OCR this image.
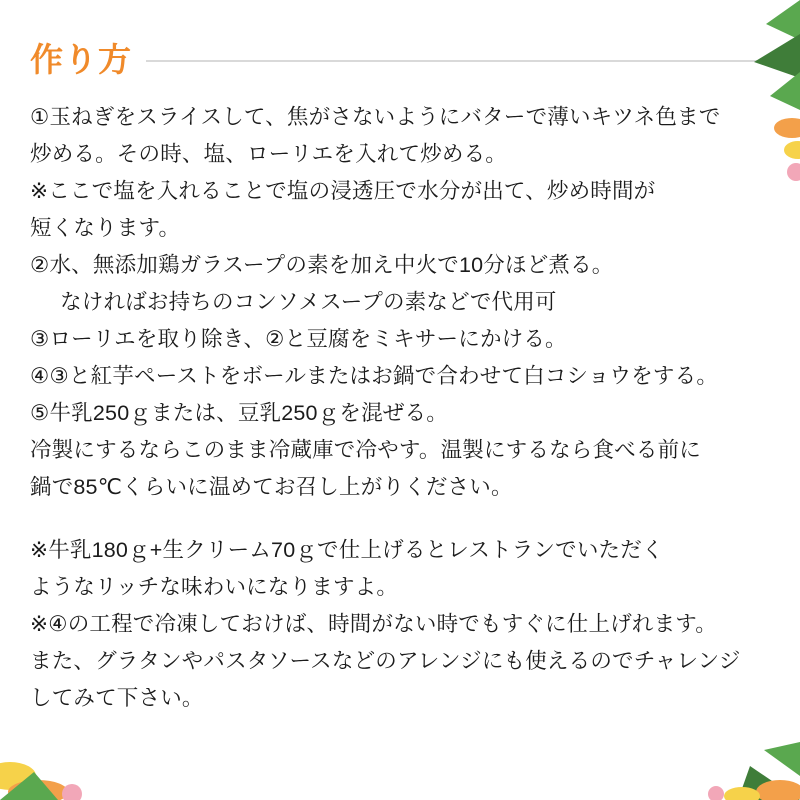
作り方

①玉ねぎをスライスして、焦がさないようにバターで薄いキツネ色まで

炒める。その時、塩、ローリエを入れて炒める。

※ここで塩を入れることで塩の浸透圧で水分が出て、炒め時間が

短くなります。

②水、無添加鶏ガラスープの素を加え中火で10分ほど煮る。

なければお持ちのコンソメスープの素などで代用可

③ローリエを取り除き、②と豆腐をミキサーにかける。

④③と紅芋ペーストをボールまたはお鍋で合わせて白コショウをする。

⑤牛乳250ｇまたは、豆乳250ｇを混ぜる。

冷製にするならこのまま冷蔵庫で冷やす。温製にするなら食べる前に

鍋で85℃くらいに温めてお召し上がりください。

※牛乳180ｇ+生クリーム70ｇで仕上げるとレストランでいただく

ようなリッチな味わいになりますよ。

※④の工程で冷凍しておけば、時間がない時でもすぐに仕上げれます。

また、グラタンやパスタソースなどのアレンジにも使えるのでチャレンジ

してみて下さい。
